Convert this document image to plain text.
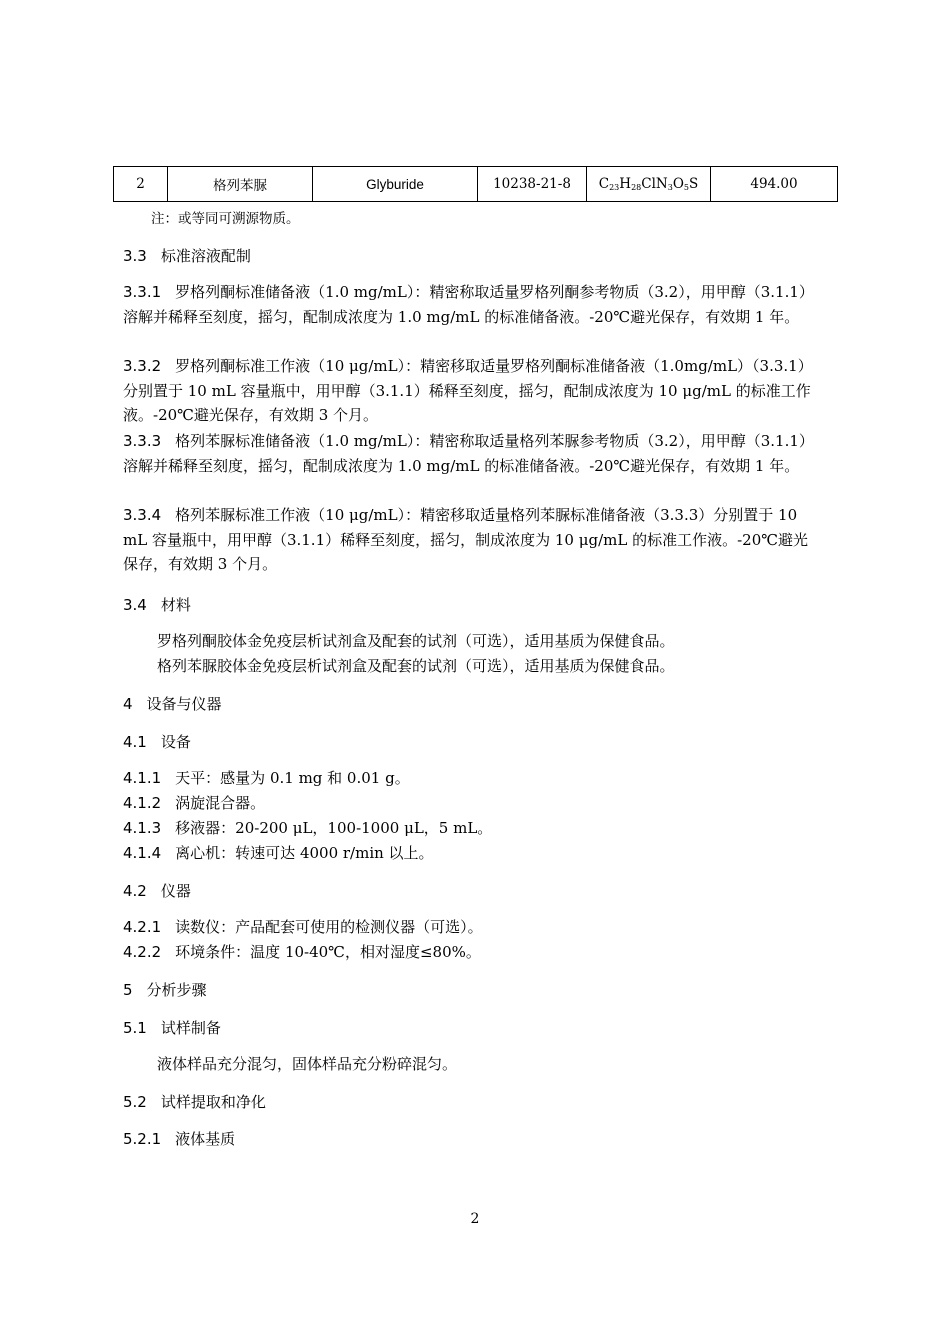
2	格列苯脲	Glyburide	10238-21-8	$C_{23}H_{28}ClN_3O_5S$	494.00
注：或等同可溯源物质。
3.3 标准溶液配制
3.3.1 罗格列酮标准储备液（1.0 mg/mL）：精密称取适量罗格列酮参考物质（3.2），用甲醇（3.1.1）溶解并稀释至刻度，摇匀，配制成浓度为 1.0 mg/mL 的标准储备液。-20℃避光保存，有效期 1 年。
3.3.2 罗格列酮标准工作液（10 μg/mL）：精密移取适量罗格列酮标准储备液（1.0mg/mL）（3.3.1）分别置于 10 mL 容量瓶中，用甲醇（3.1.1）稀释至刻度，摇匀，配制成浓度为 10 μg/mL 的标准工作液。-20℃避光保存，有效期 3 个月。
3.3.3 格列苯脲标准储备液（1.0 mg/mL）：精密称取适量格列苯脲参考物质（3.2），用甲醇（3.1.1）溶解并稀释至刻度，摇匀，配制成浓度为 1.0 mg/mL 的标准储备液。-20℃避光保存，有效期 1 年。
3.3.4 格列苯脲标准工作液（10 μg/mL）：精密移取适量格列苯脲标准储备液（3.3.3）分别置于 10 mL 容量瓶中，用甲醇（3.1.1）稀释至刻度，摇匀，制成浓度为 10 μg/mL 的标准工作液。-20℃避光保存，有效期 3 个月。
3.4 材料
罗格列酮胶体金免疫层析试剂盒及配套的试剂（可选），适用基质为保健食品。
格列苯脲胶体金免疫层析试剂盒及配套的试剂（可选），适用基质为保健食品。
4 设备与仪器
4.1 设备
4.1.1 天平：感量为 0.1 mg 和 0.01 g。
4.1.2 涡旋混合器。
4.1.3 移液器：20-200 μL，100-1000 μL，5 mL。
4.1.4 离心机：转速可达 4000 r/min 以上。
4.2 仪器
4.2.1 读数仪：产品配套可使用的检测仪器（可选）。
4.2.2 环境条件：温度 10-40℃，相对湿度≤80%。
5 分析步骤
5.1 试样制备
液体样品充分混匀，固体样品充分粉碎混匀。
5.2 试样提取和净化
5.2.1 液体基质
2
